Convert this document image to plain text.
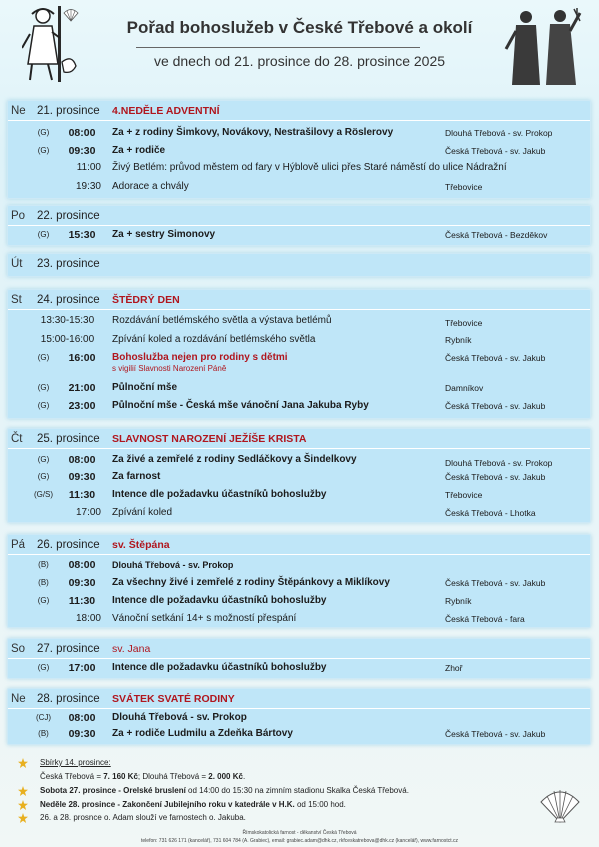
Pořad bohoslužeb v České Třebové a okolí
ve dnech od 21. prosince do 28. prosince 2025
Ne 21. prosince 4.NEDĚLE ADVENTNÍ
(G)	08:00	Za + z rodiny Šimkovy, Novákovy, Nestrašilovy a Röslerovy	Dlouhá Třebová - sv. Prokop
(G)	09:30	Za + rodiče	Česká Třebová - sv. Jakub
11:00 Živý Betlém: průvod městem od fary v Hýblově ulici přes Staré náměstí do ulice Nádražní
19:30 Adorace a chvály	Třebovice
Po 22. prosince
(G)	15:30	Za + sestry Simonovy	Česká Třebová - Bezděkov
Út 23. prosince
St 24. prosince ŠTĚDRÝ DEN
13:30-15:30	Rozdávání betlémského světla a výstava betlémů	Třebovice
15:00-16:00	Zpívání koled a rozdávání betlémského světla	Rybník
(G)	16:00	Bohoslužba nejen pro rodiny s dětmi
s vigilií Slavnosti Narození Páně
Česká Třebová - sv. Jakub
(G)	21:00	Půlnoční mše	Damníkov
(G)	23:00	Půlnoční mše - Česká mše vánoční Jana Jakuba Ryby	Česká Třebová - sv. Jakub
Čt 25. prosince SLAVNOST NAROZENÍ JEŽÍŠE KRISTA
(G)	08:00	Za živé a zemřelé z rodiny Sedláčkovy a Šindelkovy	Dlouhá Třebová - sv. Prokop
(G)	09:30	Za farnost	Česká Třebová - sv. Jakub
(G/S)	11:30	Intence dle požadavku účastníků bohoslužby	Třebovice
17:00 Zpívání koled	Česká Třebová - Lhotka
Pá 26. prosince sv. Štěpána
(B)	08:00	Dlouhá Třebová - sv. Prokop
(B)	09:30	Za všechny živé i zemřelé z rodiny Štěpánkovy a Miklíkovy	Česká Třebová - sv. Jakub
(G)	11:30	Intence dle požadavku účastníků bohoslužby	Rybník
18:00 Vánoční setkání 14+ s možností přespání	Česká Třebová - fara
So 27. prosince sv. Jana
(G)	17:00	Intence dle požadavku účastníků bohoslužby	Zhoř
Ne 28. prosince SVÁTEK SVATÉ RODINY
(CJ)	08:00	Dlouhá Třebová - sv. Prokop
(B)	09:30	Za + rodiče Ludmilu a Zdeňka Bártovy	Česká Třebová - sv. Jakub
Sbírky 14. prosince:
Česká Třebová = 7. 160 Kč; Dlouhá Třebová = 2. 000 Kč.
Sobota 27. prosince - Orelské bruslení od 14:00 do 15:30 na zimním stadionu Skalka Česká Třebová.
Neděle 28. prosince - Zakončení Jubilejního roku v katedrále v H.K. od 15:00 hod.
26. a 28. prosnce o. Adam slouží ve farnostech o. Jakuba.
Římskokatolická farnost - děkanství Česká Třebová
telefon: 731 626 171 (kancelář), 731 604 784 (A. Grabiec), email: grabiec.adam@dhk.cz, rkfceskatrebova@dhk.cz (kancelář), www.farnostct.cz
